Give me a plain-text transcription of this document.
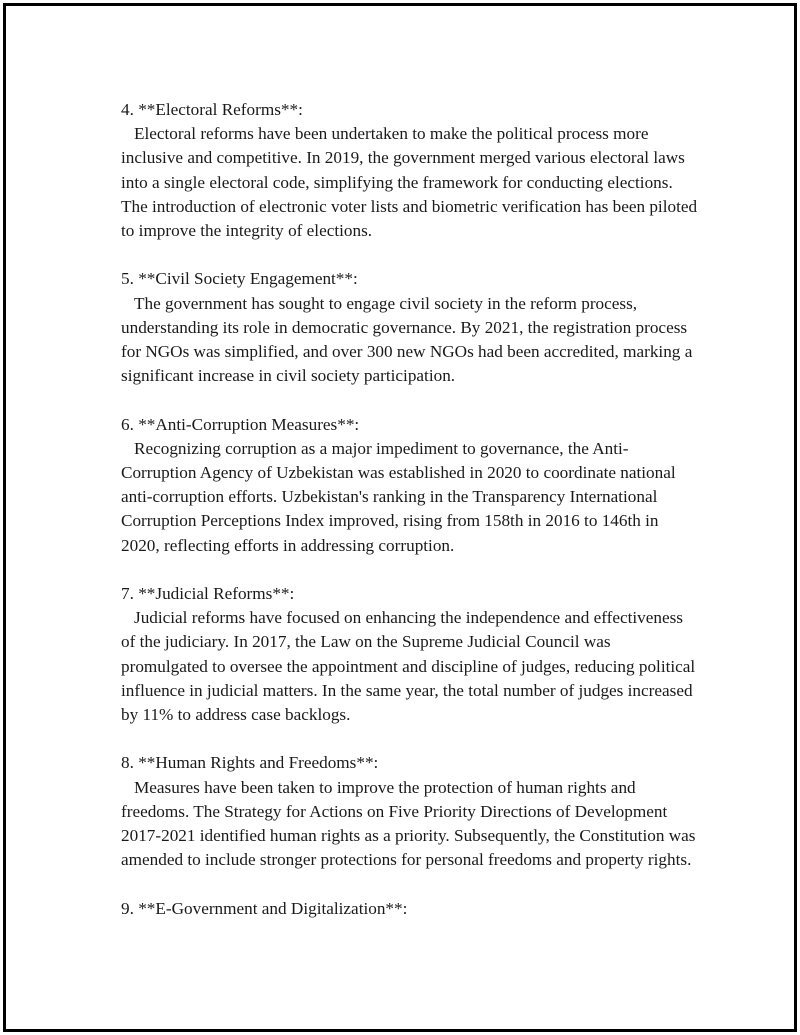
4. **Electoral Reforms**:
Electoral reforms have been undertaken to make the political process more inclusive and competitive. In 2019, the government merged various electoral laws into a single electoral code, simplifying the framework for conducting elections. The introduction of electronic voter lists and biometric verification has been piloted to improve the integrity of elections.
5. **Civil Society Engagement**:
The government has sought to engage civil society in the reform process, understanding its role in democratic governance. By 2021, the registration process for NGOs was simplified, and over 300 new NGOs had been accredited, marking a significant increase in civil society participation.
6. **Anti-Corruption Measures**:
Recognizing corruption as a major impediment to governance, the Anti-Corruption Agency of Uzbekistan was established in 2020 to coordinate national anti-corruption efforts. Uzbekistan's ranking in the Transparency International Corruption Perceptions Index improved, rising from 158th in 2016 to 146th in 2020, reflecting efforts in addressing corruption.
7. **Judicial Reforms**:
Judicial reforms have focused on enhancing the independence and effectiveness of the judiciary. In 2017, the Law on the Supreme Judicial Council was promulgated to oversee the appointment and discipline of judges, reducing political influence in judicial matters. In the same year, the total number of judges increased by 11% to address case backlogs.
8. **Human Rights and Freedoms**:
Measures have been taken to improve the protection of human rights and freedoms. The Strategy for Actions on Five Priority Directions of Development 2017-2021 identified human rights as a priority. Subsequently, the Constitution was amended to include stronger protections for personal freedoms and property rights.
9. **E-Government and Digitalization**:
